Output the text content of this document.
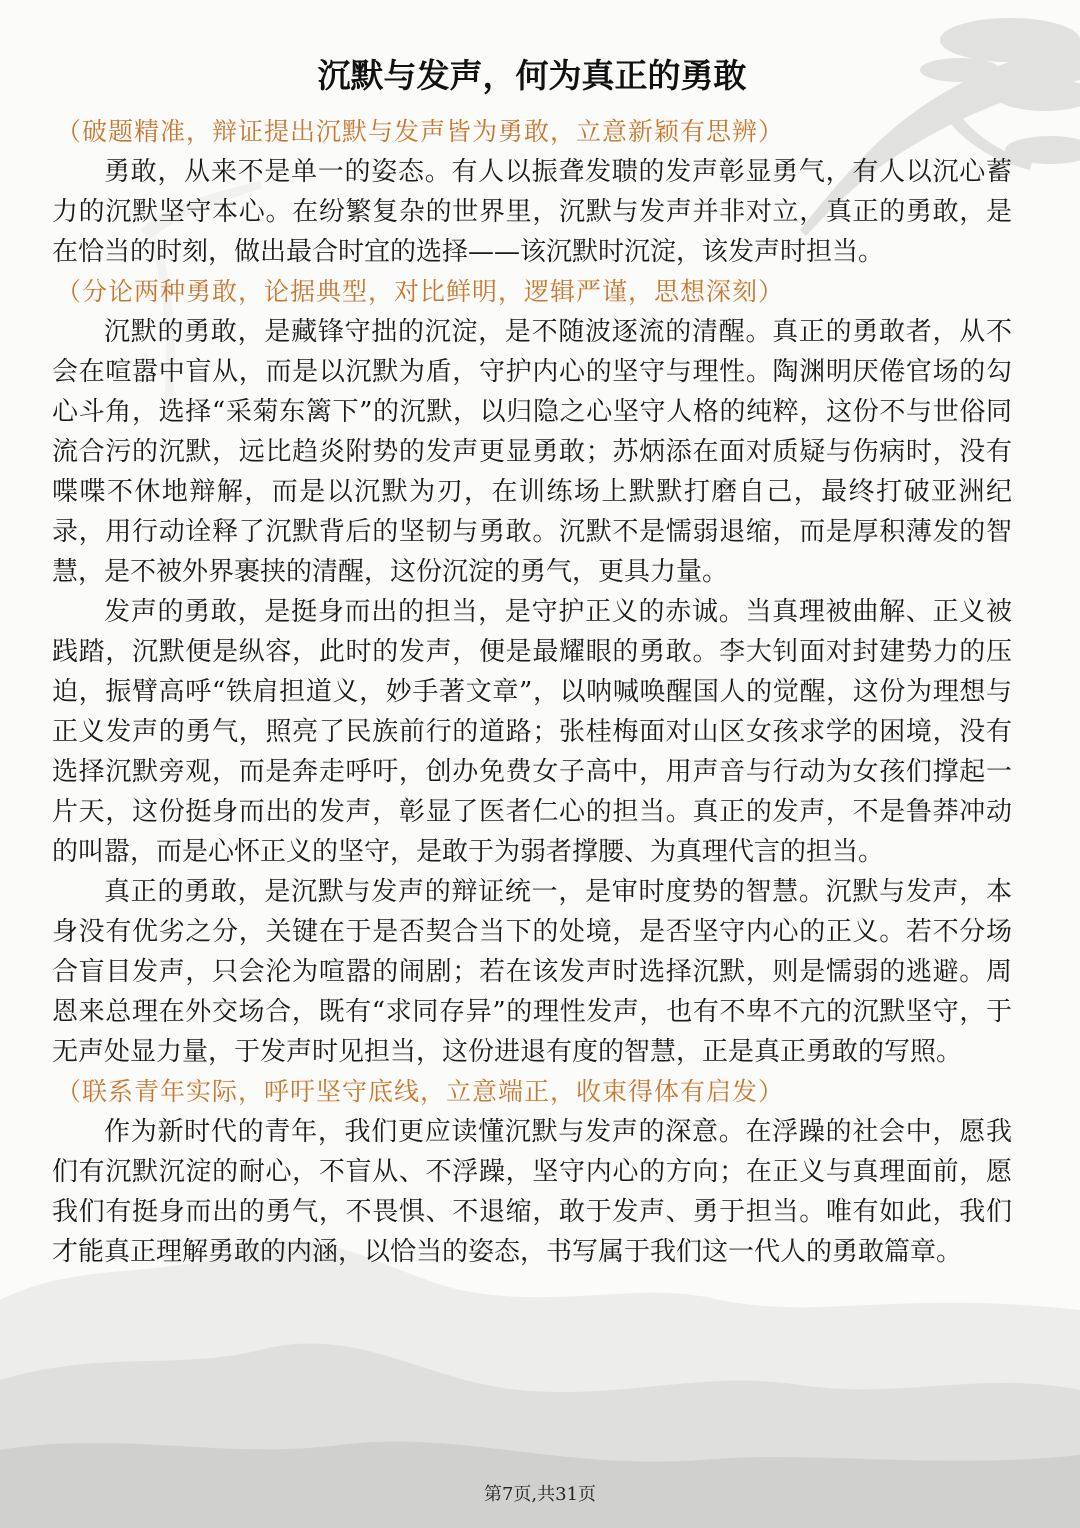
沉默与发声，何为真正的勇敢

（破题精准，辩证提出沉默与发声皆为勇敢，立意新颖有思辨）

勇敢，从来不是单一的姿态。有人以振聋发聩的发声彰显勇气，有人以沉心蓄力的沉默坚守本心。在纷繁复杂的世界里，沉默与发声并非对立，真正的勇敢，是在恰当的时刻，做出最合时宜的选择——该沉默时沉淀，该发声时担当。

（分论两种勇敢，论据典型，对比鲜明，逻辑严谨，思想深刻）

沉默的勇敢，是藏锋守拙的沉淀，是不随波逐流的清醒。真正的勇敢者，从不会在喧嚣中盲从，而是以沉默为盾，守护内心的坚守与理性。陶渊明厌倦官场的勾心斗角，选择“采菊东篱下”的沉默，以归隐之心坚守人格的纯粹，这份不与世俗同流合污的沉默，远比趋炎附势的发声更显勇敢；苏炳添在面对质疑与伤病时，没有喋喋不休地辩解，而是以沉默为刃，在训练场上默默打磨自己，最终打破亚洲纪录，用行动诠释了沉默背后的坚韧与勇敢。沉默不是懦弱退缩，而是厚积薄发的智慧，是不被外界裹挟的清醒，这份沉淀的勇气，更具力量。

发声的勇敢，是挺身而出的担当，是守护正义的赤诚。当真理被曲解、正义被践踏，沉默便是纵容，此时的发声，便是最耀眼的勇敢。李大钊面对封建势力的压迫，振臂高呼“铁肩担道义，妙手著文章”，以呐喊唤醒国人的觉醒，这份为理想与正义发声的勇气，照亮了民族前行的道路；张桂梅面对山区女孩求学的困境，没有选择沉默旁观，而是奔走呼吁，创办免费女子高中，用声音与行动为女孩们撑起一片天，这份挺身而出的发声，彰显了医者仁心的担当。真正的发声，不是鲁莽冲动的叫嚣，而是心怀正义的坚守，是敢于为弱者撑腰、为真理代言的担当。

真正的勇敢，是沉默与发声的辩证统一，是审时度势的智慧。沉默与发声，本身没有优劣之分，关键在于是否契合当下的处境，是否坚守内心的正义。若不分场合盲目发声，只会沦为喧嚣的闹剧；若在该发声时选择沉默，则是懦弱的逃避。周恩来总理在外交场合，既有“求同存异”的理性发声，也有不卑不亢的沉默坚守，于无声处显力量，于发声时见担当，这份进退有度的智慧，正是真正勇敢的写照。

（联系青年实际，呼吁坚守底线，立意端正，收束得体有启发）

作为新时代的青年，我们更应读懂沉默与发声的深意。在浮躁的社会中，愿我们有沉默沉淀的耐心，不盲从、不浮躁，坚守内心的方向；在正义与真理面前，愿我们有挺身而出的勇气，不畏惧、不退缩，敢于发声、勇于担当。唯有如此，我们才能真正理解勇敢的内涵，以恰当的姿态，书写属于我们这一代人的勇敢篇章。

第7页,共31页
